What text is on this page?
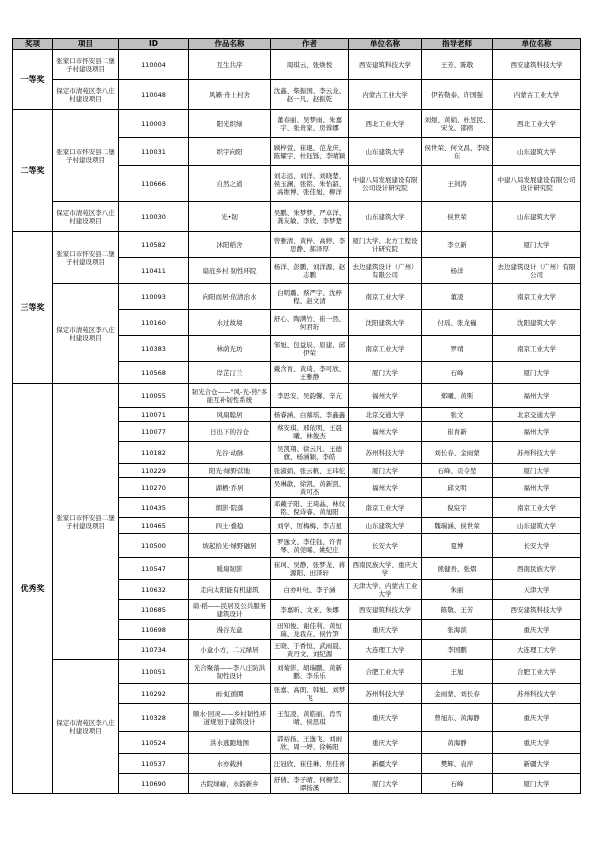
奖项	项目	ID	作品名称	作者	单位名称	指导老师	单位名称
一等奖	张家口市怀安县二堡子村建设项目	110004	互生共序	周琪云、张焕悦	西安建筑科技大学	王芳、陈敬	西安建筑科技大学
	保定市清苑区李八庄村建设项目	110048	风籁·舟上村舍	沈鑫、柴振国、李云龙、赵一凡、赵振乾	内蒙古工业大学	伊若勒泰、许国强	内蒙古工业大学
二等奖	张家口市怀安县二堡子村建设项目	110003	阳光织绿	董春丽、吴梦雨、朱嘉宇、张贵家、房蓉娜	西北工业大学	刘煜、黄娟、杜昱民、宋戈、邵鸥	西北工业大学
		110031	织宇向阳	顾梓萱、崔琨、范龙庆、陈耀宇、杜钰铄、李晴颖	山东建筑大学	侯世荣、何文昌、李晓东	山东建筑大学
		110666	自然之道	刘志远、刘洋、刘晓楚、侯玉澜、张铭、朱怡韶、高维博、张佳旭、柳洋	中建八局发展建设有限公司设计研究院	王剑涛	中建八局发展建设有限公司设计研究院
	保定市清苑区李八庄村建设项目	110030	光•韧	吴鹏、朱梦梦、严卓洋、龚友敏、李欣、李梦楚	山东建筑大学	侯世荣	山东建筑大学
三等奖	张家口市怀安县二堡子村建设项目	110582	沐阳稻舍	曾雅清、黄梓、高婷、李思静、郝泽厚	厦门大学、北方工程设计研究院	李立新	厦门大学
		110411	扇庇乡村 韧性环院	杨洋、彭鹏、刘洋源、赵志鹏	去边建筑设计（广州）有限公司	杨洋	去边建筑设计（广州）有限公司
	保定市清苑区李八庄村建设项目	110093	向阳而居·依清治水	白明璐、蔡严宇、沈梓程、赵文清	南京工业大学	董凌	南京工业大学
		110160	水过故境	舒心、陶满竹、崔一然、何君珩	沈阳建筑大学	付瑶、张龙巍	沈阳建筑大学
		110383	林荫光坊	邹旭、包益辰、原建、邱伊荣	南京工业大学	罗靖	南京工业大学
		110568	岸芷汀兰	戴含育、黄琦、李可欣、王雅静	厦门大学	石峰	厦门大学
优秀奖	张家口市怀安县二堡子村建设项目	110055	韧光合仓——"风-光-热"多能互补韧性系统	李思安、吴韵馨、辛亢	福州大学	郑曦、黄斯	福州大学
		110071	风扇聪居	杨睿涵、白慕瑶、李鑫鑫	北京交通大学	张文	北京交通大学
		110077	日出下的谷仓	蔡安琪、邢依明、王晨曦、林俊杰	福州大学	崔育新	福州大学
		110182	光谷·动脉	吴凯翔、徐云凡、王德旗、杨涵颖、李皓	苏州科技大学	刘长春、金雨蒙	苏州科技大学
		110229	阳光·绿野营地	张淑娟、张云帆、王玮佗	厦门大学	石峰、贡令堃	厦门大学
		110270	湖栖·乔居	吴琳歆、徐凯、黄新凯、黄可杰	福州大学	邱文明	福州大学
		110435	烟影·院落	邓戴子阳、王琦晶、林仪铭、倪诗睿、黄旭阳	南京工业大学	倪宸宇	南京工业大学
		110465	四土·叠稳	刘学、厉梅梅、李吉星	山东建筑大学	魏瑞涵、侯世荣	山东建筑大学
		110500	坡起拾光·绿野融居	罗逸文、李佳钰、许青琴、黄莞晞、姚纪庄	长安大学	夏博	长安大学
		110547	暖扇韧影	崔珂、吴静、张梦龙、蒋源阳、田泽轩	西南民族大学、重庆大学	熊健吾、张熠	西南民族大学
		110632	走向太阳能有机建筑	白亦叶吐、李子涵	天津大学、内蒙古工业大学	朱丽	天津大学
		110685	扇·稻——民居及公共服务建筑设计	李嘉昕、文亚、朱娜	西安建筑科技大学	陈敬、王芳	西安建筑科技大学
		110698	漫谷光盒	田知俊、谢佳利、黄恒瑞、龙我在、侯竹笋	重庆大学	张海滨	重庆大学
		110734	小盒小方，二元绿居	王晓、于香恒、武雨晨、黄丹文、刘纪源	大连理工大学	李国鹏	大连理工大学
	保定市清苑区李八庄村建设项目	110051	光合聚落——李八庄防洪韧性设计	刘菊影、胡瑞鹏、黄新鹏、李乐乐	合肥工业大学	王旭	合肥工业大学
		110292	雨·虹循圈	张嘉、高朗、韩旭、刘梦飞	苏州科技大学	金雨蒙、刘长春	苏州科技大学
		110328	顺水·回灵——乡村韧性环道规划于建筑设计	王玺凌、黄皓丽、肖雪晴、侯思琪	重庆大学	曾旭东、黄海静	重庆大学
		110524	洪水逃跑地图	郭裕扬、王逸飞、刘雨欣、周一婷、徐畅阳	重庆大学	黄海静	重庆大学
		110537	水亦载洲	汪冠欣、崔佳琳、焦佳喜	新疆大学	樊辉、袁萍	新疆大学
		110690	古院绿癖，水韵新乡	舒倩、李子晴、何柳莹、谭扬溪	厦门大学	石峰	厦门大学
